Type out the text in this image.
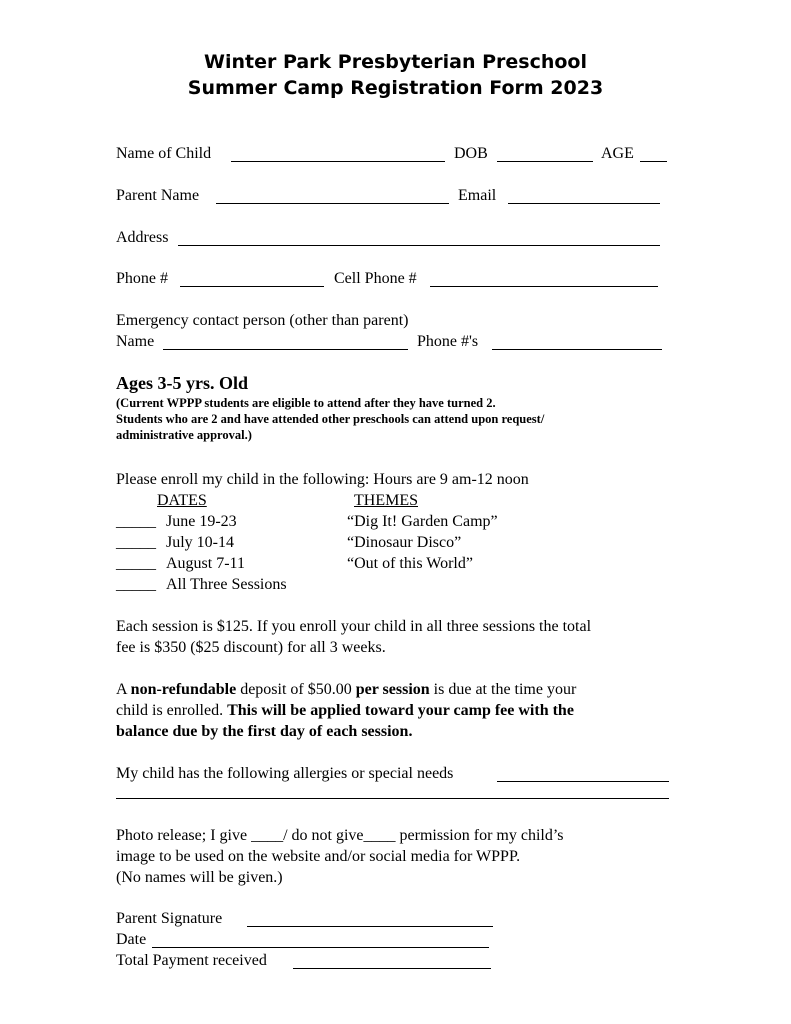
Winter Park Presbyterian Preschool
Summer Camp Registration Form 2023
Name of Child	DOB	AGE
Parent Name	Email
Address
Phone #	Cell Phone #
Emergency contact person (other than parent)
Name	Phone #'s
Ages 3-5 yrs. Old
(Current WPPP students are eligible to attend after they have turned 2.
Students who are 2 and have attended other preschools can attend upon request/
administrative approval.)
Please enroll my child in the following: Hours are 9 am-12 noon
DATES	THEMES
_____ June 19-23	“Dig It! Garden Camp”
_____ July 10-14	“Dinosaur Disco”
_____ August 7-11	“Out of this World”
_____ All Three Sessions
Each session is $125. If you enroll your child in all three sessions the total
fee is $350 ($25 discount) for all 3 weeks.
A non-refundable deposit of $50.00 per session is due at the time your
child is enrolled. This will be applied toward your camp fee with the
balance due by the first day of each session.
My child has the following allergies or special needs
Photo release; I give ____/ do not give____ permission for my child’s
image to be used on the website and/or social media for WPPP.
(No names will be given.)
Parent Signature
Date
Total Payment received
